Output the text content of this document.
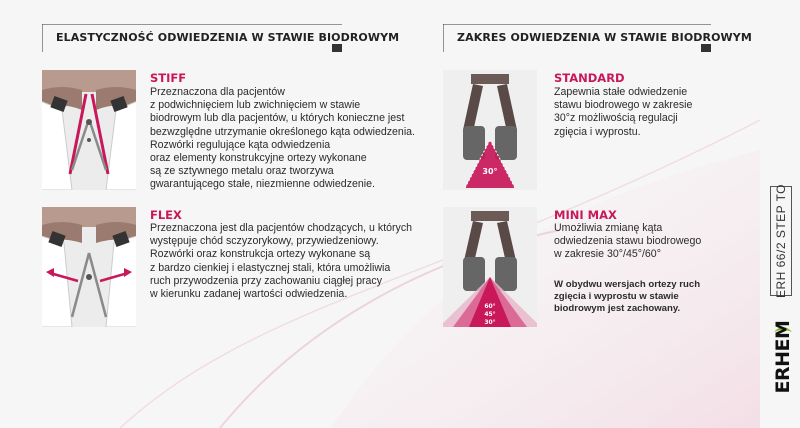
ELASTYCZNOŚĆ ODWIEDZENIA W STAWIE BIODROWYM	ZAKRES ODWIEDZENIA W STAWIE BIODROWYM
30°
60°
45°
30°
STIFF
Przeznaczona dla pacjentów
z podwichnięciem lub zwichnięciem w stawie
biodrowym lub dla pacjentów, u których konieczne jest
bezwzględne utrzymanie określonego kąta odwiedzenia.
Rozwórki regulujące kąta odwiedzenia
oraz elementy konstrukcyjne ortezy wykonane
są ze sztywnego metalu oraz tworzywa
gwarantującego stałe, niezmienne odwiedzenie.
FLEX
Przeznaczona jest dla pacjentów chodzących, u których
występuje chód sczyzorykowy, przywiedzeniowy.
Rozwórki oraz konstrukcja ortezy wykonane są
z bardzo cienkiej i elastycznej stali, która umożliwia
ruch przywodzenia przy zachowaniu ciągłej pracy
w kierunku zadanej wartości odwiedzenia.
STANDARD
Zapewnia stałe odwiedzenie
stawu biodrowego w zakresie
30°z możliwością regulacji
zgięcia i wyprostu.
MINI MAX
Umożliwia zmianę kąta
odwiedzenia stawu biodrowego
w zakresie 30°/45°/60°
W obydwu wersjach ortezy ruch
zgięcia i wyprostu w stawie
biodrowym jest zachowany.
ERH 66/2 STEP TO
ERHEM
